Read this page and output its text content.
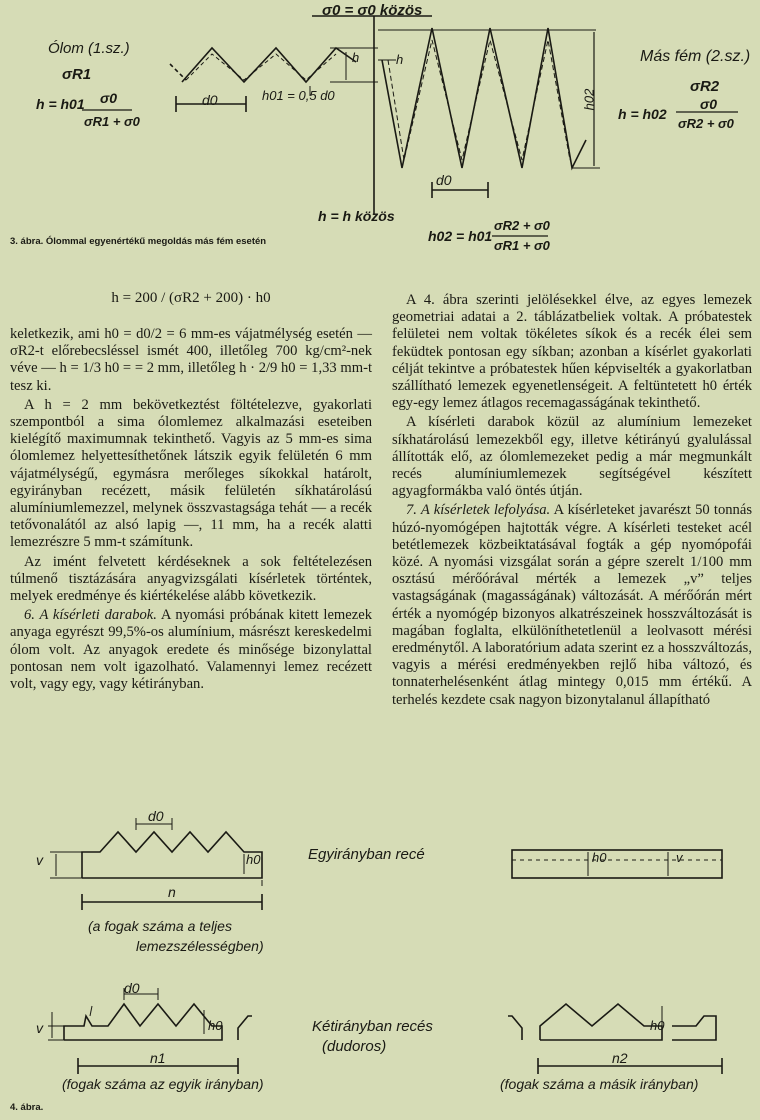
σ0 = σ0 közös
h = h közös
Ólom (1.sz.)
σR1
h = h01 σ0
σR1 + σ0
d0	h01 = 0,5 d0
h	Más fém (2.sz.)
σR2
h = h02
σ0
σR2 + σ0
h
h02
d0
h02 = h01
σR2 + σ0
σR1 + σ0
3. ábra. Ólommal egyenértékű megoldás más fém esetén
h = 200 / (σR2 + 200) · h0

keletkezik, ami h0 = d0/2 = 6 mm-es vájatmélység esetén — σR2-t előrebecsléssel ismét 400, illetőleg 700 kg/cm²-nek véve — h = 1/3 h0 = = 2 mm, illetőleg h · 2/9 h0 = 1,33 mm-t tesz ki.

A h = 2 mm bekövetkeztést föltételezve, gyakorlati szempontból a sima ólomlemez alkalmazási eseteiben kielégítő maximumnak tekinthető. Vagyis az 5 mm-es sima ólomlemez helyettesíthetőnek látszik egyik felületén 6 mm vájatmélységű, egymásra merőleges síkokkal határolt, egyirányban recézett, másik felületén síkhatárolású alumíniumlemezzel, melynek összvastagsága tehát — a recék tetővonalától az alsó lapig —, 11 mm, ha a recék alatti lemezrészre 5 mm-t számítunk.

Az imént felvetett kérdéseknek a sok feltételezésen túlmenő tisztázására anyagvizsgálati kísérletek történtek, melyek eredménye és kiértékelése alább következik.

6. A kísérleti darabok. A nyomási próbának kitett lemezek anyaga egyrészt 99,5%-os alumínium, másrészt kereskedelmi ólom volt. Az anyagok eredete és minősége bizonylattal pontosan nem volt igazolható. Valamennyi lemez recézett volt, vagy egy, vagy kétirányban.

A 4. ábra szerinti jelölésekkel élve, az egyes lemezek geometriai adatai a 2. táblázatbeliek voltak. A próbatestek felületei nem voltak tökéletes síkok és a recék élei sem feküdtek pontosan egy síkban; azonban a kísérlet gyakorlati célját tekintve a próbatestek hűen képviselték a gyakorlatban szállítható lemezek egyenetlenségeit. A feltüntetett h0 érték egy-egy lemez átlagos recemagasságának tekinthető.

A kísérleti darabok közül az alumínium lemezeket síkhatárolású lemezekből egy, illetve kétirányú gyalulással állították elő, az ólomlemezeket pedig a már megmunkált recés alumíniumlemezek segítségével készített agyagformákba való öntés útján.

7. A kísérletek lefolyása. A kísérleteket javarészt 50 tonnás húzó-nyomógépen hajtották végre. A kísérleti testeket acél betétlemezek közbeiktatásával fogták a gép nyomópofái közé. A nyomási vizsgálat során a gépre szerelt 1/100 mm osztású mérőórával mérték a lemezek „v” teljes vastagságának (magasságának) változását. A mérőórán mért érték a nyomógép bizonyos alkatrészeinek hosszváltozását is magában foglalta, elkülöníthetetlenül a leolvasott mérési eredménytől. A laboratórium adata szerint ez a hosszváltozás, vagyis a mérési eredményekben rejlő hiba változó, és tonnaterhelésenként átlag mintegy 0,015 mm értékű. A terhelés kezdete csak nagyon bizonytalanul állapítható

d0
v	h0
n
Egyirányban recé
(a fogak száma a teljes
lemezszélességben)
h0	v
d0
v	h0
n1
Kétirányban recés
(dudoros)
h0
n2
(fogak száma az egyik irányban)	(fogak száma a másik irányban)
4. ábra.
